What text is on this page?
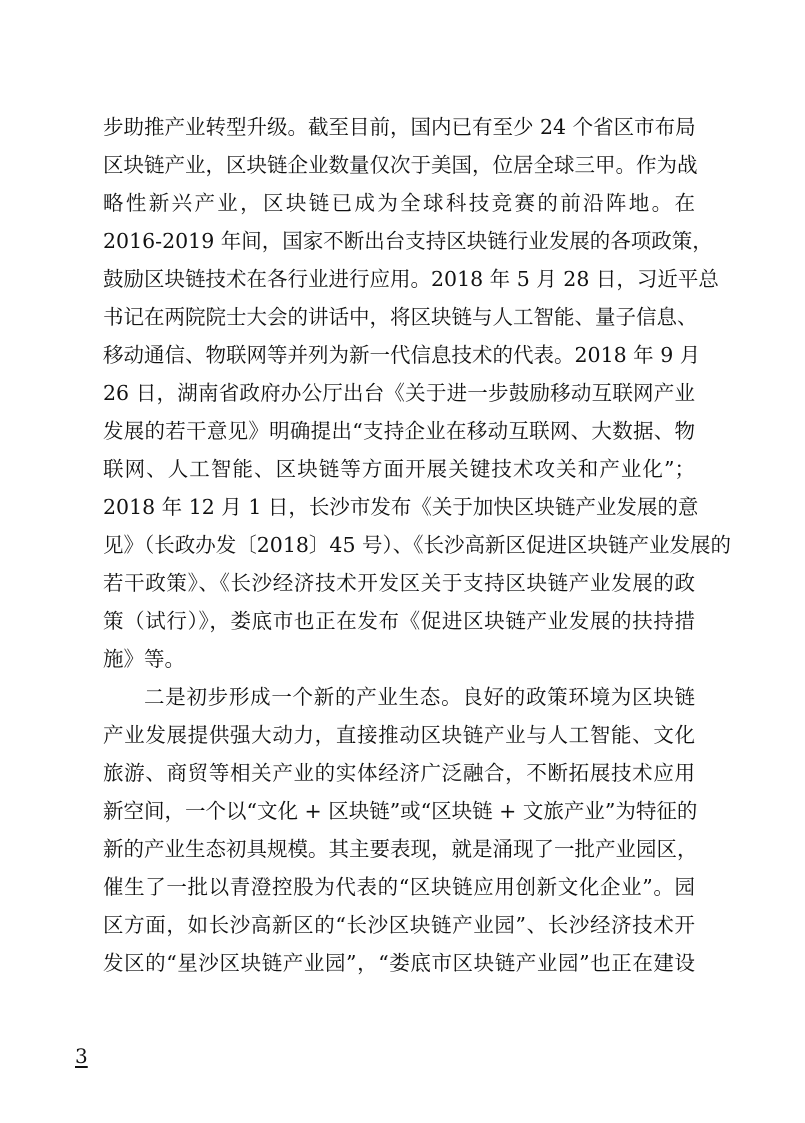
步助推产业转型升级。截至目前，国内已有至少 24 个省区市布局
区块链产业，区块链企业数量仅次于美国，位居全球三甲。作为战
略性新兴产业，区块链已成为全球科技竞赛的前沿阵地。在
2016-2019 年间，国家不断出台支持区块链行业发展的各项政策，
鼓励区块链技术在各行业进行应用。2018 年 5 月 28 日，习近平总
书记在两院院士大会的讲话中，将区块链与人工智能、量子信息、
移动通信、物联网等并列为新一代信息技术的代表。2018 年 9 月
26 日，湖南省政府办公厅出台《关于进一步鼓励移动互联网产业
发展的若干意见》明确提出“支持企业在移动互联网、大数据、物
联网、人工智能、区块链等方面开展关键技术攻关和产业化”；
2018 年 12 月 1 日，长沙市发布《关于加快区块链产业发展的意
见》（长政办发〔2018〕45 号）、《长沙高新区促进区块链产业发展的
若干政策》、《长沙经济技术开发区关于支持区块链产业发展的政
策（试行）》，娄底市也正在发布《促进区块链产业发展的扶持措
施》等。
二是初步形成一个新的产业生态。良好的政策环境为区块链
产业发展提供强大动力，直接推动区块链产业与人工智能、文化
旅游、商贸等相关产业的实体经济广泛融合，不断拓展技术应用
新空间，一个以“文化 + 区块链”或“区块链 + 文旅产业”为特征的
新的产业生态初具规模。其主要表现，就是涌现了一批产业园区，
催生了一批以青澄控股为代表的“区块链应用创新文化企业”。园
区方面，如长沙高新区的“长沙区块链产业园”、长沙经济技术开
发区的“星沙区块链产业园”，“娄底市区块链产业园”也正在建设
3
